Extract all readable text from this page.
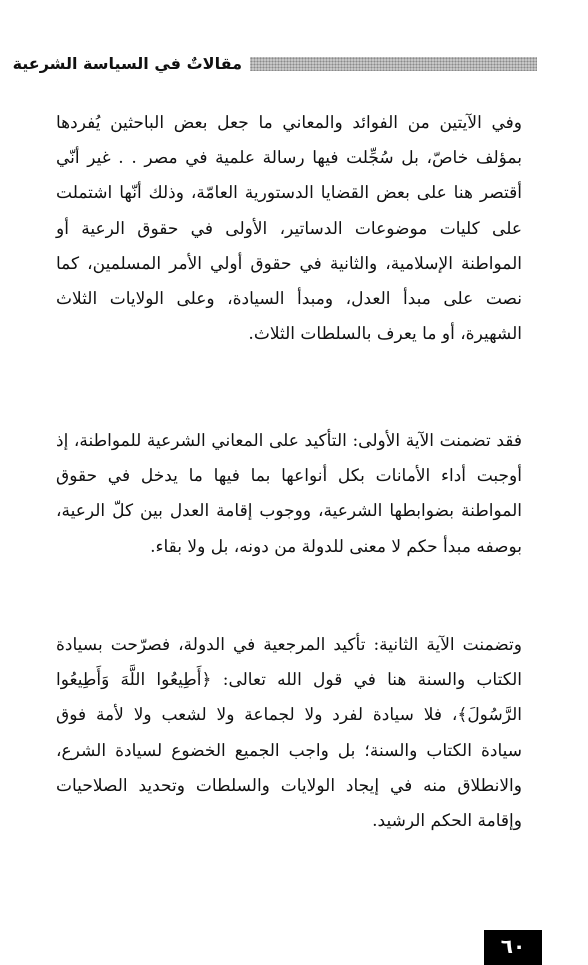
مقالاتٌ في السياسة الشرعية

وفي الآيتين من الفوائد والمعاني ما جعل بعض الباحثين يُفردها بمؤلف خاصّ، بل سُجِّلت فيها رسالة علمية في مصر . . غير أنّي أقتصر هنا على بعض القضايا الدستورية العامّة، وذلك أنّها اشتملت على كليات موضوعات الدساتير، الأولى في حقوق الرعية أو المواطنة الإسلامية، والثانية في حقوق أولي الأمر المسلمين، كما نصت على مبدأ العدل، ومبدأ السيادة، وعلى الولايات الثلاث الشهيرة، أو ما يعرف بالسلطات الثلاث.

فقد تضمنت الآية الأولى: التأكيد على المعاني الشرعية للمواطنة، إذ أوجبت أداء الأمانات بكل أنواعها بما فيها ما يدخل في حقوق المواطنة بضوابطها الشرعية، ووجوب إقامة العدل بين كلّ الرعية، بوصفه مبدأ حكم لا معنى للدولة من دونه، بل ولا بقاء.

وتضمنت الآية الثانية: تأكيد المرجعية في الدولة، فصرّحت بسيادة الكتاب والسنة هنا في قول الله تعالى: ﴿أَطِيعُوا اللَّهَ وَأَطِيعُوا الرَّسُولَ﴾، فلا سيادة لفرد ولا لجماعة ولا لشعب ولا لأمة فوق سيادة الكتاب والسنة؛ بل واجب الجميع الخضوع لسيادة الشرع، والانطلاق منه في إيجاد الولايات والسلطات وتحديد الصلاحيات وإقامة الحكم الرشيد.

٦٠
